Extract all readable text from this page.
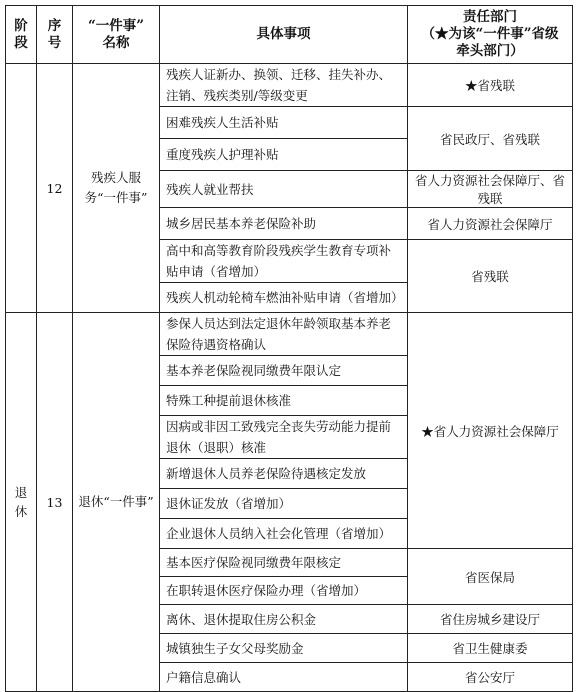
阶
段	序
号	“一件事”
名称	具体事项	责任部门
（★为该“一件事”省级
牵头部门）

	12	残疾人服务“一件事”	残疾人证新办、换领、迁移、挂失补办、注销、残疾类别/等级变更	★省残联
			困难残疾人生活补贴	省民政厅、省残联
			重度残疾人护理补贴	
			残疾人就业帮扶	省人力资源社会保障厅、省残联
			城乡居民基本养老保险补助	省人力资源社会保障厅
			高中和高等教育阶段残疾学生教育专项补贴申请（省增加）	省残联
			残疾人机动轮椅车燃油补贴申请（省增加）	

退
休	13	退休“一件事”	参保人员达到法定退休年龄领取基本养老保险待遇资格确认	★省人力资源社会保障厅
			基本养老保险视同缴费年限认定	
			特殊工种提前退休核准	
			因病或非因工致残完全丧失劳动能力提前退休（退职）核准	
			新增退休人员养老保险待遇核定发放	
			退休证发放（省增加）	
			企业退休人员纳入社会化管理（省增加）	
			基本医疗保险视同缴费年限核定	省医保局
			在职转退休医疗保险办理（省增加）	
			离休、退休提取住房公积金	省住房城乡建设厅
			城镇独生子女父母奖励金	省卫生健康委
			户籍信息确认	省公安厅
